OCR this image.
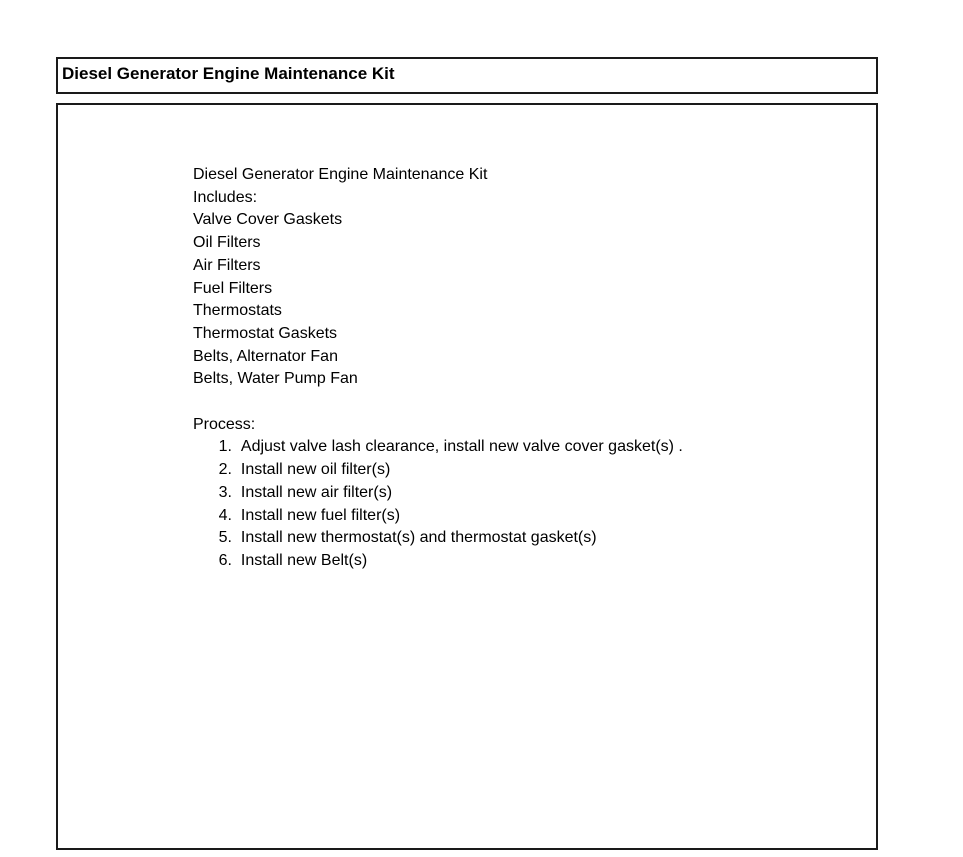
Diesel Generator Engine Maintenance Kit
Diesel Generator Engine Maintenance Kit
Includes:
Valve Cover Gaskets
Oil Filters
Air Filters
Fuel Filters
Thermostats
Thermostat Gaskets
Belts, Alternator Fan
Belts, Water Pump Fan
Process:
1.
Adjust valve lash clearance, install new valve cover gasket(s) .
2.
Install new oil filter(s)
3.
Install new air filter(s)
4.
Install new fuel filter(s)
5.
Install new thermostat(s) and thermostat gasket(s)
6.
Install new Belt(s)
